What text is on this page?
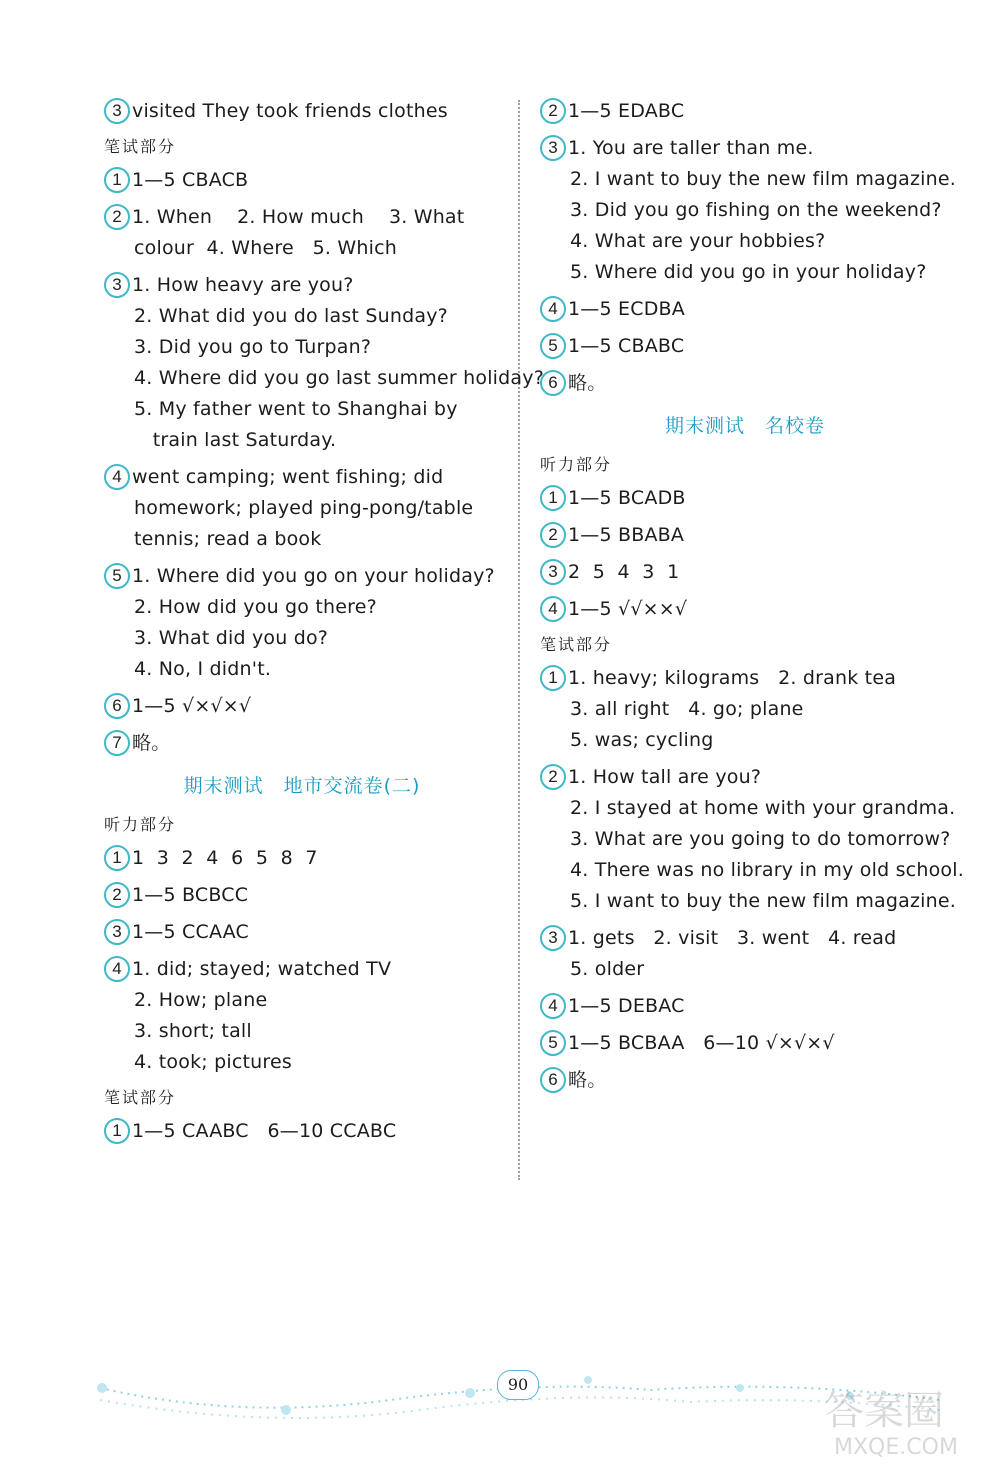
3 visited They took friends clothes
笔试部分
1 1—5 CBACB
2 1. When    2. How much    3. What
colour  4. Where   5. Which
3 1. How heavy are you?
2. What did you do last Sunday?
3. Did you go to Turpan?
4. Where did you go last summer holiday?
5. My father went to Shanghai by
train last Saturday.
4 went camping; went fishing; did
homework; played ping-pong/table
tennis; read a book
5 1. Where did you go on your holiday?
2. How did you go there?
3. What did you do?
4. No, I didn't.
6 1—5 √×√×√
7 略。
期末测试　地市交流卷(二)
听力部分
1 1  3  2  4  6  5  8  7
2 1—5 BCBCC
3 1—5 CCAAC
4 1. did; stayed; watched TV
2. How; plane
3. short; tall
4. took; pictures
笔试部分
1 1—5 CAABC   6—10 CCABC
2 1—5 EDABC
3 1. You are taller than me.
2. I want to buy the new film magazine.
3. Did you go fishing on the weekend?
4. What are your hobbies?
5. Where did you go in your holiday?
4 1—5 ECDBA
5 1—5 CBABC
6 略。
期末测试　名校卷
听力部分
1 1—5 BCADB
2 1—5 BBABA
3 2  5  4  3  1
4 1—5 √√××√
笔试部分
1 1. heavy; kilograms   2. drank tea
3. all right   4. go; plane
5. was; cycling
2 1. How tall are you?
2. I stayed at home with your grandma.
3. What are you going to do tomorrow?
4. There was no library in my old school.
5. I want to buy the new film magazine.
3 1. gets   2. visit   3. went   4. read
5. older
4 1—5 DEBAC
5 1—5 BCBAA   6—10 √×√×√
6 略。
90
答案圈
MXQE.COM
